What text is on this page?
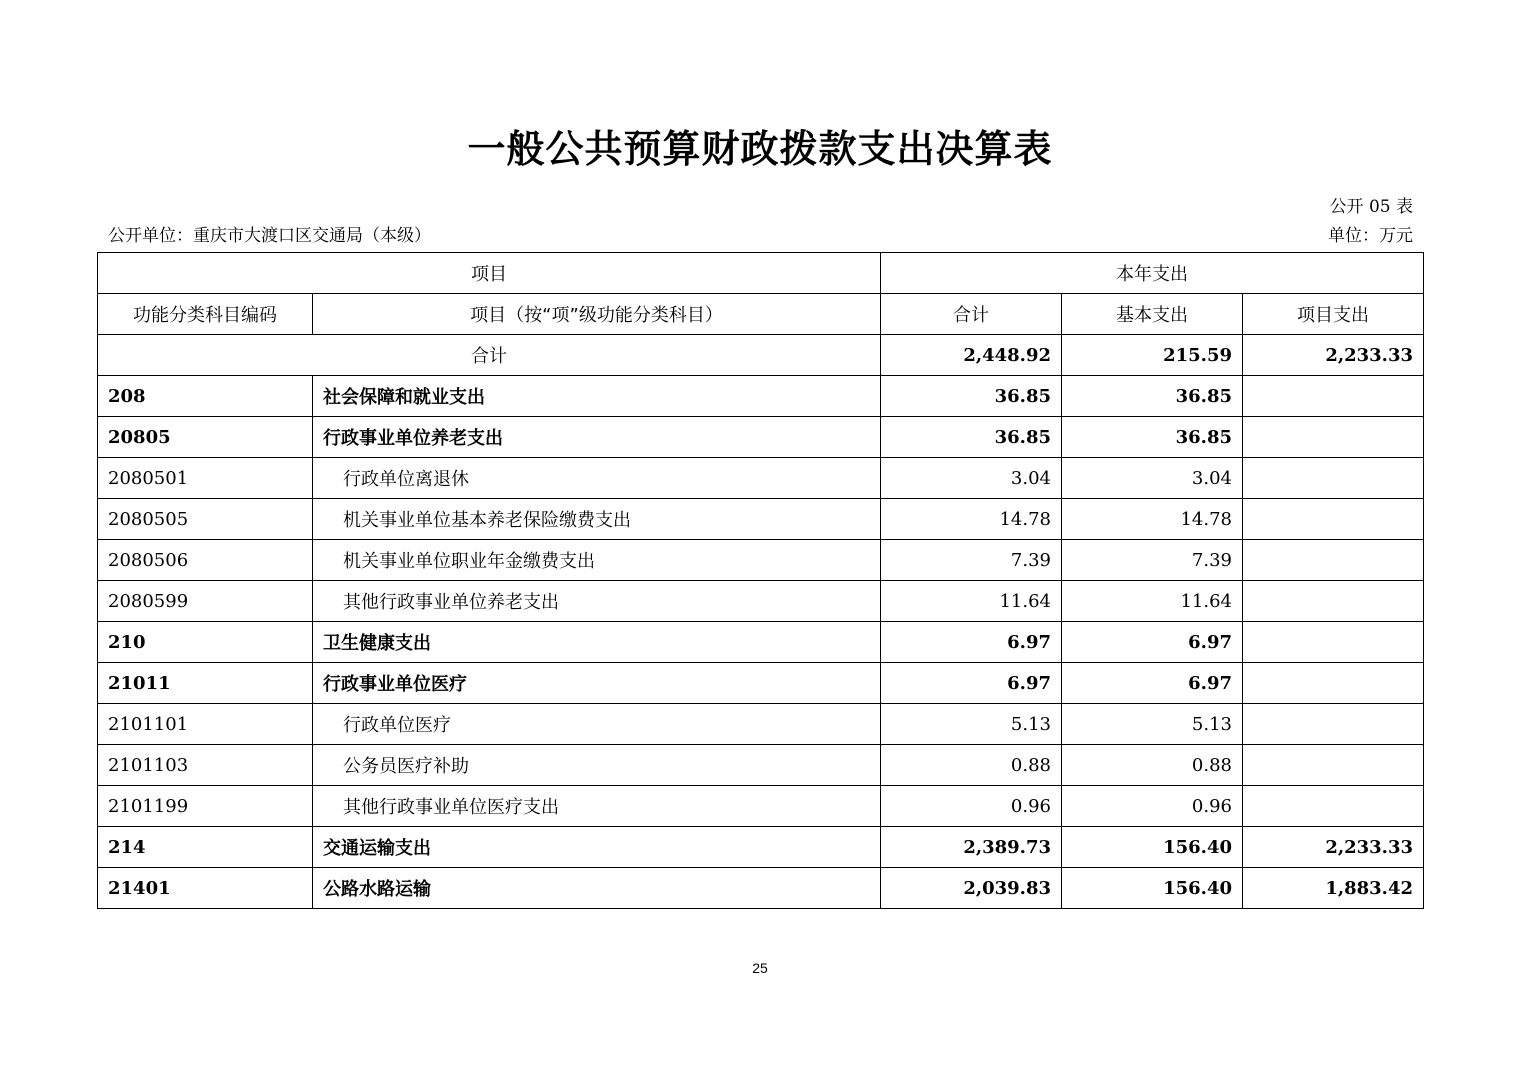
一般公共预算财政拨款支出决算表
公开 05 表
公开单位：重庆市大渡口区交通局（本级）	单位：万元
项目		本年支出		
功能分类科目编码	项目（按“项”级功能分类科目）	合计	基本支出	项目支出
合计		2,448.92	215.59	2,233.33
208	社会保障和就业支出	36.85	36.85	
20805	行政事业单位养老支出	36.85	36.85	
2080501	行政单位离退休	3.04	3.04	
2080505	机关事业单位基本养老保险缴费支出	14.78	14.78	
2080506	机关事业单位职业年金缴费支出	7.39	7.39	
2080599	其他行政事业单位养老支出	11.64	11.64	
210	卫生健康支出	6.97	6.97	
21011	行政事业单位医疗	6.97	6.97	
2101101	行政单位医疗	5.13	5.13	
2101103	公务员医疗补助	0.88	0.88	
2101199	其他行政事业单位医疗支出	0.96	0.96	
214	交通运输支出	2,389.73	156.40	2,233.33
21401	公路水路运输	2,039.83	156.40	1,883.42
25
